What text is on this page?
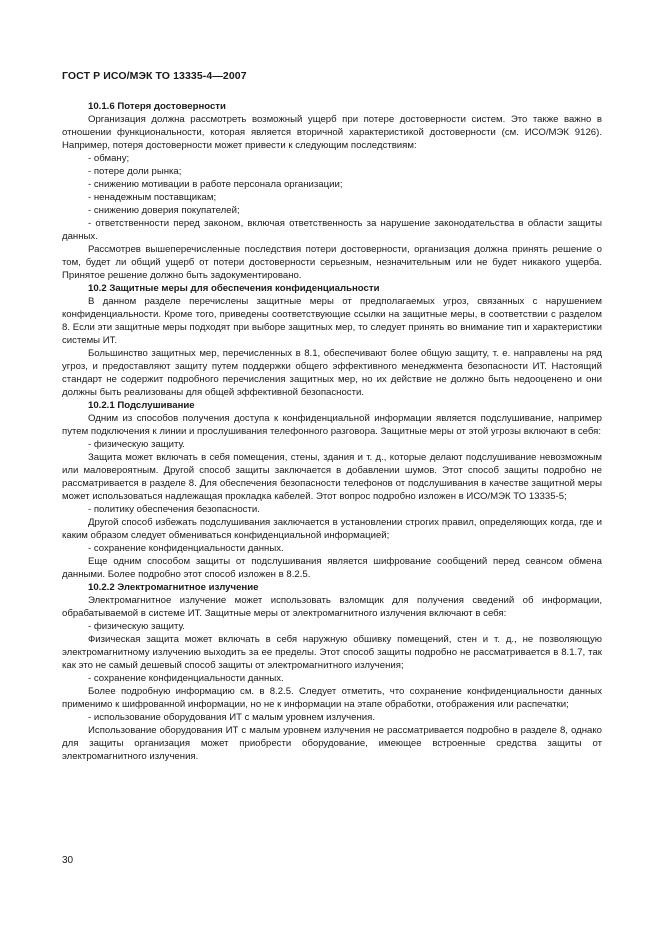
ГОСТ Р ИСО/МЭК ТО 13335-4—2007

10.1.6 Потеря достоверности

Организация должна рассмотреть возможный ущерб при потере достоверности систем. Это также важно в отношении функциональности, которая является вторичной характеристикой достоверности (см. ИСО/МЭК 9126). Например, потеря достоверности может привести к следующим последствиям:

- обману;

- потере доли рынка;

- снижению мотивации в работе персонала организации;

- ненадежным поставщикам;

- снижению доверия покупателей;

- ответственности перед законом, включая ответственность за нарушение законодательства в области защиты данных.

Рассмотрев вышеперечисленные последствия потери достоверности, организация должна принять решение о том, будет ли общий ущерб от потери достоверности серьезным, незначительным или не будет никакого ущерба. Принятое решение должно быть задокументировано.

10.2 Защитные меры для обеспечения конфиденциальности

В данном разделе перечислены защитные меры от предполагаемых угроз, связанных с нарушением конфиденциальности. Кроме того, приведены соответствующие ссылки на защитные меры, в соответствии с разделом 8. Если эти защитные меры подходят при выборе защитных мер, то следует принять во внимание тип и характеристики системы ИТ.

Большинство защитных мер, перечисленных в 8.1, обеспечивают более общую защиту, т. е. направлены на ряд угроз, и предоставляют защиту путем поддержки общего эффективного менеджмента безопасности ИТ. Настоящий стандарт не содержит подробного перечисления защитных мер, но их действие не должно быть недооценено и они должны быть реализованы для общей эффективной безопасности.

10.2.1 Подслушивание

Одним из способов получения доступа к конфиденциальной информации является подслушивание, например путем подключения к линии и прослушивания телефонного разговора. Защитные меры от этой угрозы включают в себя:

- физическую защиту.

Защита может включать в себя помещения, стены, здания и т. д., которые делают подслушивание невозможным или маловероятным. Другой способ защиты заключается в добавлении шумов. Этот способ защиты подробно не рассматривается в разделе 8. Для обеспечения безопасности телефонов от подслушивания в качестве защитной меры может использоваться надлежащая прокладка кабелей. Этот вопрос подробно изложен в ИСО/МЭК ТО 13335-5;

- политику обеспечения безопасности.

Другой способ избежать подслушивания заключается в установлении строгих правил, определяющих когда, где и каким образом следует обмениваться конфиденциальной информацией;

- сохранение конфиденциальности данных.

Еще одним способом защиты от подслушивания является шифрование сообщений перед сеансом обмена данными. Более подробно этот способ изложен в 8.2.5.

10.2.2 Электромагнитное излучение

Электромагнитное излучение может использовать взломщик для получения сведений об информации, обрабатываемой в системе ИТ. Защитные меры от электромагнитного излучения включают в себя:

- физическую защиту.

Физическая защита может включать в себя наружную обшивку помещений, стен и т. д., не позволяющую электромагнитному излучению выходить за ее пределы. Этот способ защиты подробно не рассматривается в 8.1.7, так как это не самый дешевый способ защиты от электромагнитного излучения;

- сохранение конфиденциальности данных.

Более подробную информацию см. в 8.2.5. Следует отметить, что сохранение конфиденциальности данных применимо к шифрованной информации, но не к информации на этапе обработки, отображения или распечатки;

- использование оборудования ИТ с малым уровнем излучения.

Использование оборудования ИТ с малым уровнем излучения не рассматривается подробно в разделе 8, однако для защиты организация может приобрести оборудование, имеющее встроенные средства защиты от электромагнитного излучения.

30
